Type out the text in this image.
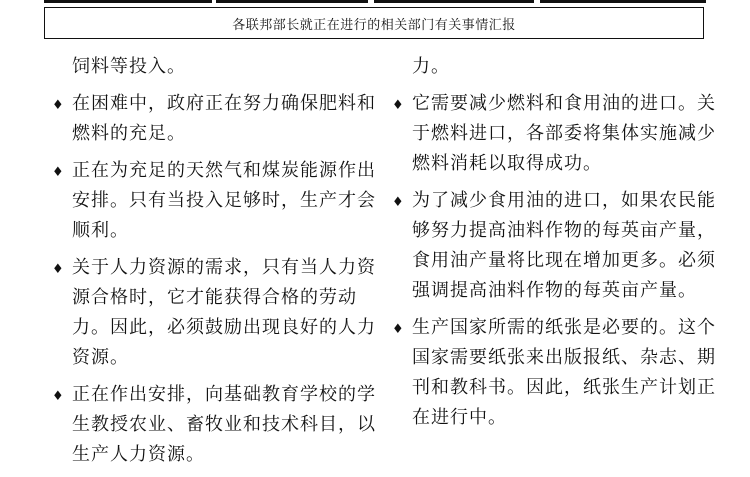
各联邦部长就正在进行的相关部门有关事情汇报
饲料等投入。
♦ 在困难中，政府正在努力确保肥料和燃料的充足。
♦ 正在为充足的天然气和煤炭能源作出安排。只有当投入足够时，生产才会顺利。
♦ 关于人力资源的需求，只有当人力资源合格时，它才能获得合格的劳动力。因此，必须鼓励出现良好的人力资源。
♦ 正在作出安排，向基础教育学校的学生教授农业、畜牧业和技术科目，以生产人力资源。
力。
♦ 它需要减少燃料和食用油的进口。关于燃料进口，各部委将集体实施减少燃料消耗以取得成功。
♦ 为了减少食用油的进口，如果农民能够努力提高油料作物的每英亩产量，食用油产量将比现在增加更多。必须强调提高油料作物的每英亩产量。
♦ 生产国家所需的纸张是必要的。这个国家需要纸张来出版报纸、杂志、期刊和教科书。因此，纸张生产计划正在进行中。
